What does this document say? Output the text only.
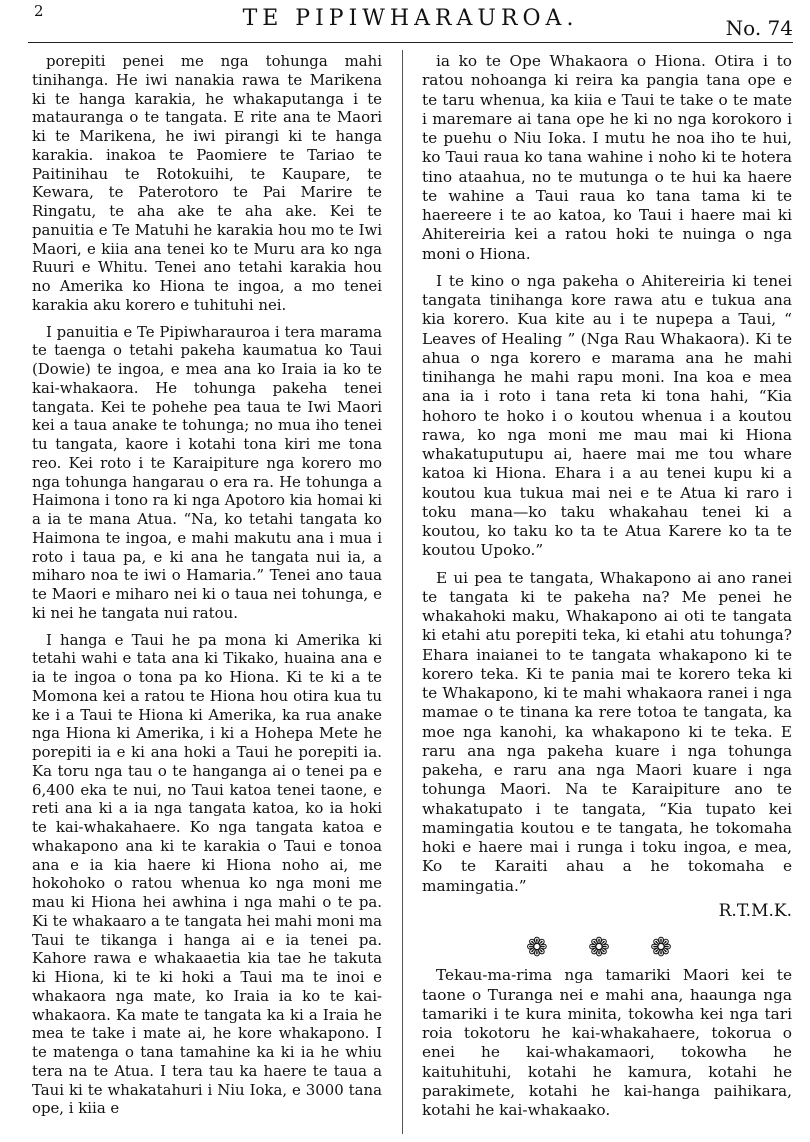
2	TE PIPIWHARAUROA.	No. 74

porepiti penei me nga tohunga mahi tinihanga. He iwi nanakia rawa te Marikena ki te hanga karakia, he whakaputanga i te matauranga o te tangata. E rite ana te Maori ki te Marikena, he iwi pirangi ki te hanga karakia. inakoa te Paomiere te Tariao te Paitinihau te Rotokuihi, te Kaupare, te Kewara, te Paterotoro te Pai Marire te Ringatu, te aha ake te aha ake. Kei te panuitia e Te Matuhi he karakia hou mo te Iwi Maori, e kiia ana tenei ko te Muru ara ko nga Ruuri e Whitu. Tenei ano tetahi karakia hou no Amerika ko Hiona te ingoa, a mo tenei karakia aku korero e tuhituhi nei.

I panuitia e Te Pipiwharauroa i tera marama te taenga o tetahi pakeha kaumatua ko Taui (Dowie) te ingoa, e mea ana ko Iraia ia ko te kai-whakaora. He tohunga pakeha tenei tangata. Kei te pohehe pea taua te Iwi Maori kei a taua anake te tohunga; no mua iho tenei tu tangata, kaore i kotahi tona kiri me tona reo. Kei roto i te Karaipiture nga korero mo nga tohunga hangarau o era ra. He tohunga a Haimona i tono ra ki nga Apotoro kia homai ki a ia te mana Atua. “Na, ko tetahi tangata ko Haimona te ingoa, e mahi makutu ana i mua i roto i taua pa, e ki ana he tangata nui ia, a miharo noa te iwi o Hamaria.” Tenei ano taua te Maori e miharo nei ki o taua nei tohunga, e ki nei he tangata nui ratou.

I hanga e Taui he pa mona ki Amerika ki tetahi wahi e tata ana ki Tikako, huaina ana e ia te ingoa o tona pa ko Hiona. Ki te ki a te Momona kei a ratou te Hiona hou otira kua tu ke i a Taui te Hiona ki Amerika, ka rua anake nga Hiona ki Amerika, i ki a Hohepa Mete he porepiti ia e ki ana hoki a Taui he porepiti ia. Ka toru nga tau o te hanganga ai o tenei pa e 6,400 eka te nui, no Taui katoa tenei taone, e reti ana ki a ia nga tangata katoa, ko ia hoki te kai-whakahaere. Ko nga tangata katoa e whakapono ana ki te karakia o Taui e tonoa ana e ia kia haere ki Hiona noho ai, me hokohoko o ratou whenua ko nga moni me mau ki Hiona hei awhina i nga mahi o te pa. Ki te whakaaro a te tangata hei mahi moni ma Taui te tikanga i hanga ai e ia tenei pa. Kahore rawa e whakaaetia kia tae he takuta ki Hiona, ki te ki hoki a Taui ma te inoi e whakaora nga mate, ko Iraia ia ko te kai-whakaora. Ka mate te tangata ka ki a Iraia he mea te take i mate ai, he kore whakapono. I te matenga o tana tamahine ka ki ia he whiu tera na te Atua. I tera tau ka haere te taua a Taui ki te whakatahuri i Niu Ioka, e 3000 tana ope, i kiia e

ia ko te Ope Whakaora o Hiona. Otira i to ratou nohoanga ki reira ka pangia tana ope e te taru whenua, ka kiia e Taui te take o te mate i maremare ai tana ope he ki no nga korokoro i te puehu o Niu Ioka. I mutu he noa iho te hui, ko Taui raua ko tana wahine i noho ki te hotera tino ataahua, no te mutunga o te hui ka haere te wahine a Taui raua ko tana tama ki te haereere i te ao katoa, ko Taui i haere mai ki Ahitereiria kei a ratou hoki te nuinga o nga moni o Hiona.

I te kino o nga pakeha o Ahitereiria ki tenei tangata tinihanga kore rawa atu e tukua ana kia korero. Kua kite au i te nupepa a Taui, “ Leaves of Healing ” (Nga Rau Whakaora). Ki te ahua o nga korero e marama ana he mahi tinihanga he mahi rapu moni. Ina koa e mea ana ia i roto i tana reta ki tona hahi, “Kia hohoro te hoko i o koutou whenua i a koutou rawa, ko nga moni me mau mai ki Hiona whakatuputupu ai, haere mai me tou whare katoa ki Hiona. Ehara i a au tenei kupu ki a koutou kua tukua mai nei e te Atua ki raro i toku mana—ko taku whakahau tenei ki a koutou, ko taku ko ta te Atua Karere ko ta te koutou Upoko.”

E ui pea te tangata, Whakapono ai ano ranei te tangata ki te pakeha na? Me penei he whakahoki maku, Whakapono ai oti te tangata ki etahi atu porepiti teka, ki etahi atu tohunga? Ehara inaianei to te tangata whakapono ki te korero teka. Ki te pania mai te korero teka ki te Whakapono, ki te mahi whakaora ranei i nga mamae o te tinana ka rere totoa te tangata, ka moe nga kanohi, ka whakapono ki te teka. E raru ana nga pakeha kuare i nga tohunga pakeha, e raru ana nga Maori kuare i nga tohunga Maori. Na te Karaipiture ano te whakatupato i te tangata, “Kia tupato kei mamingatia koutou e te tangata, he tokomaha hoki e haere mai i runga i toku ingoa, e mea, Ko te Karaiti ahau a he tokomaha e mamingatia.”

R.T.M.K.
❁ ❁ ❁

Tekau-ma-rima nga tamariki Maori kei te taone o Turanga nei e mahi ana, haaunga nga tamariki i te kura minita, tokowha kei nga tari roia tokotoru he kai-whakahaere, tokorua o enei he kai-whakamaori, tokowha he kaituhituhi, kotahi he kamura, kotahi he parakimete, kotahi he kai-hanga paihikara, kotahi he kai-whakaako.
